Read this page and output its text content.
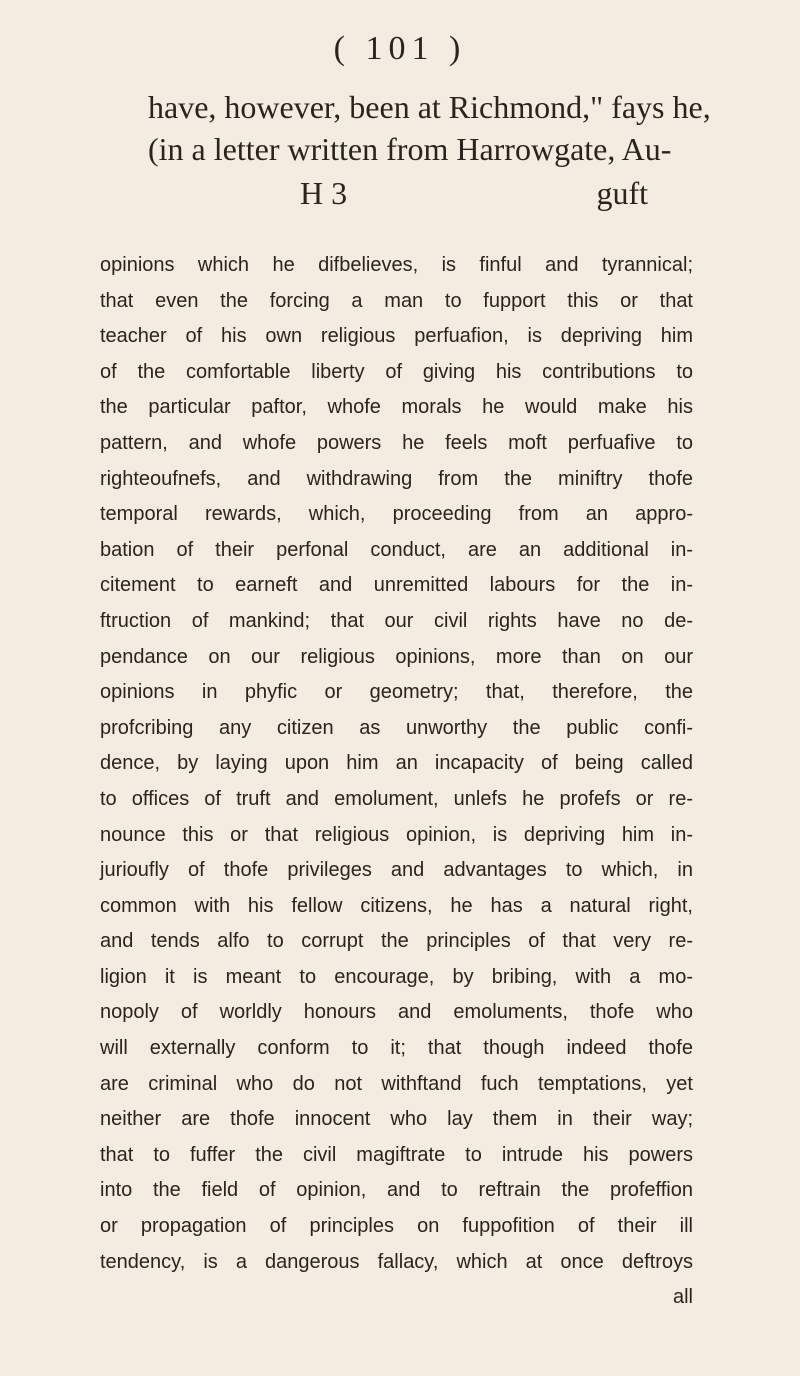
( 101 )
have, however, been at Richmond," fays he,
(in a letter written from Harrowgate, Au-
H 3	guft
opinions which he difbelieves, is finful and tyrannical;
that even the forcing a man to fupport this or that
teacher of his own religious perfuafion, is depriving him
of the comfortable liberty of giving his contributions to
the particular paftor, whofe morals he would make his
pattern, and whofe powers he feels moft perfuafive to
righteoufnefs, and withdrawing from the miniftry thofe
temporal rewards, which, proceeding from an appro-
bation of their perfonal conduct, are an additional in-
citement to earneft and unremitted labours for the in-
ftruction of mankind; that our civil rights have no de-
pendance on our religious opinions, more than on our
opinions in phyfic or geometry; that, therefore, the
profcribing any citizen as unworthy the public confi-
dence, by laying upon him an incapacity of being called
to offices of truft and emolument, unlefs he profefs or re-
nounce this or that religious opinion, is depriving him in-
jurioufly of thofe privileges and advantages to which, in
common with his fellow citizens, he has a natural right,
and tends alfo to corrupt the principles of that very re-
ligion it is meant to encourage, by bribing, with a mo-
nopoly of worldly honours and emoluments, thofe who
will externally conform to it; that though indeed thofe
are criminal who do not withftand fuch temptations, yet
neither are thofe innocent who lay them in their way;
that to fuffer the civil magiftrate to intrude his powers
into the field of opinion, and to reftrain the profeffion
or propagation of principles on fuppofition of their ill
tendency, is a dangerous fallacy, which at once deftroys
all
